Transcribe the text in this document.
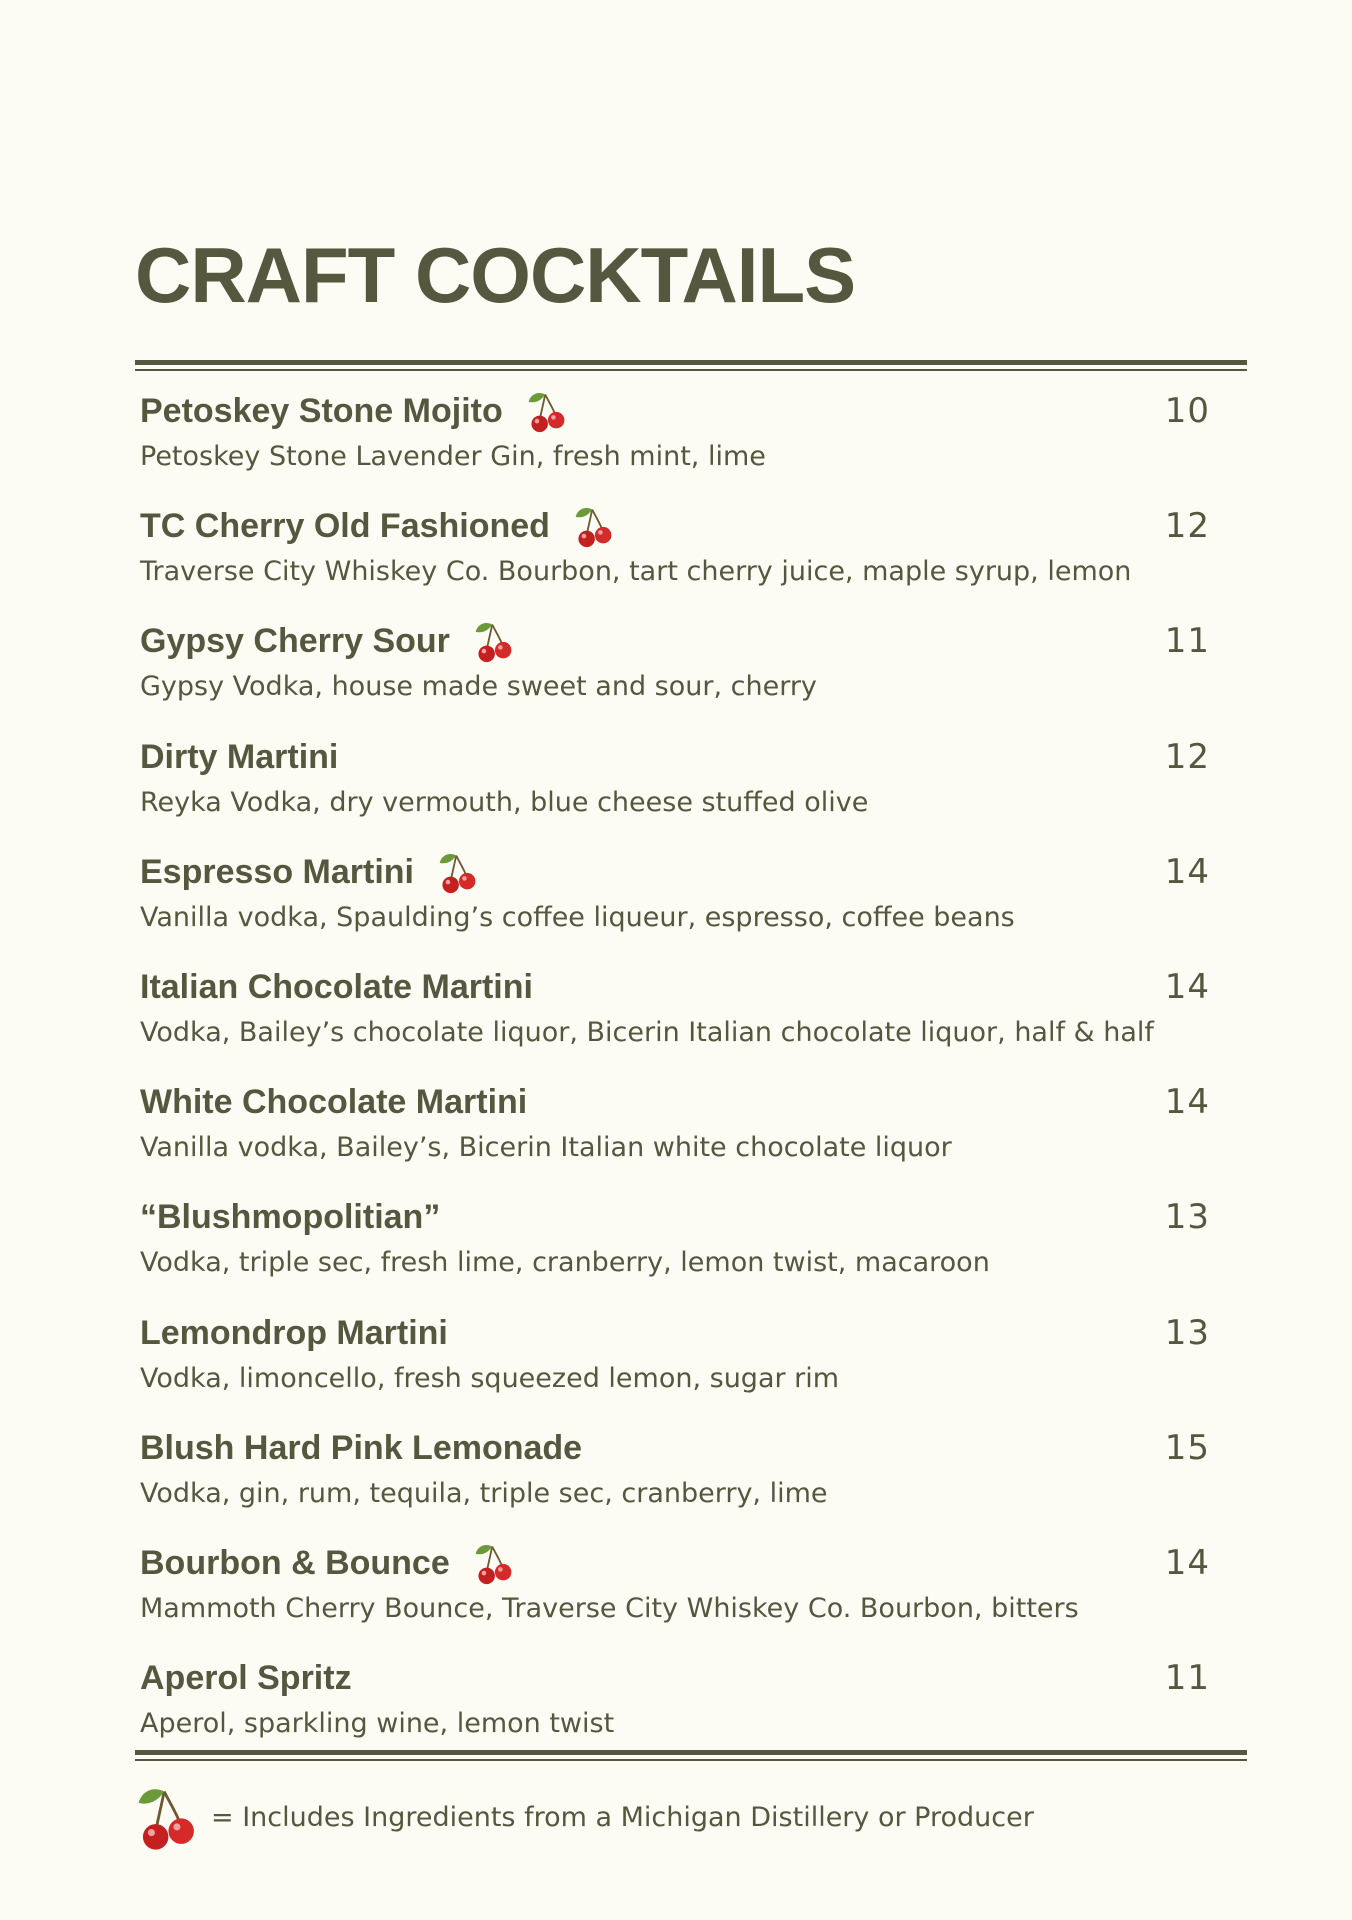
CRAFT COCKTAILS
Petoskey Stone Mojito
Petoskey Stone Lavender Gin, fresh mint, lime
10
TC Cherry Old Fashioned
Traverse City Whiskey Co. Bourbon, tart cherry juice, maple syrup, lemon
12
Gypsy Cherry Sour
Gypsy Vodka, house made sweet and sour, cherry
11
Dirty Martini
Reyka Vodka, dry vermouth, blue cheese stuffed olive
12
Espresso Martini
Vanilla vodka, Spaulding’s coffee liqueur, espresso, coffee beans
14
Italian Chocolate Martini
Vodka, Bailey’s chocolate liquor, Bicerin Italian chocolate liquor, half & half
14
White Chocolate Martini
Vanilla vodka, Bailey’s, Bicerin Italian white chocolate liquor
14
“Blushmopolitian”
Vodka, triple sec, fresh lime, cranberry, lemon twist, macaroon
13
Lemondrop Martini
Vodka, limoncello, fresh squeezed lemon, sugar rim
13
Blush Hard Pink Lemonade
Vodka, gin, rum, tequila, triple sec, cranberry, lime
15
Bourbon & Bounce
Mammoth Cherry Bounce, Traverse City Whiskey Co. Bourbon, bitters
14
Aperol Spritz
Aperol, sparkling wine, lemon twist
11
= Includes Ingredients from a Michigan Distillery or Producer
